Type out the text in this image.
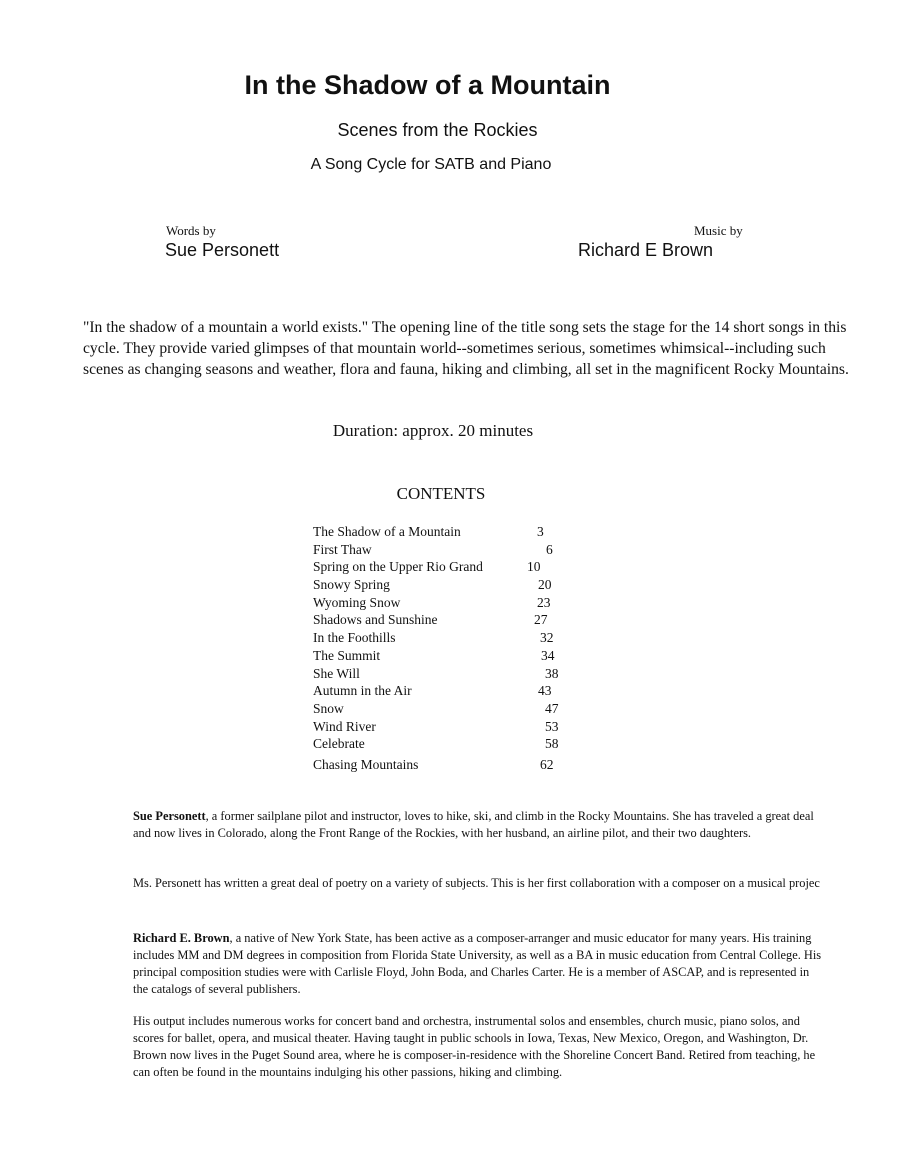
In the Shadow of a Mountain
Scenes from the Rockies
A Song Cycle for SATB and Piano
Words by
Sue Personett
Music by
Richard E Brown
"In the shadow of a mountain a world exists." The opening line of the title song sets the stage for the 14 short songs in this cycle. They provide varied glimpses of that mountain world--sometimes serious, sometimes whimsical--including such scenes as changing seasons and weather, flora and fauna, hiking and climbing, all set in the magnificent Rocky Mountains.
Duration: approx. 20 minutes
CONTENTS
The Shadow of a Mountain	3
First Thaw	6
Spring on the Upper Rio Grand	10
Snowy Spring	20
Wyoming Snow	23
Shadows and Sunshine	27
In the Foothills	32
The Summit	34
She Will	38
Autumn in the Air	43
Snow	47
Wind River	53
Celebrate	58
Chasing Mountains	62
Sue Personett, a former sailplane pilot and instructor, loves to hike, ski, and climb in the Rocky Mountains. She has traveled a great deal and now lives in Colorado, along the Front Range of the Rockies, with her husband, an airline pilot, and their two daughters.
Ms. Personett has written a great deal of poetry on a variety of subjects. This is her first collaboration with a composer on a musical projec
Richard E. Brown, a native of New York State, has been active as a composer-arranger and music educator for many years. His training includes MM and DM degrees in composition from Florida State University, as well as a BA in music education from Central College. His principal composition studies were with Carlisle Floyd, John Boda, and Charles Carter. He is a member of ASCAP, and is represented in the catalogs of several publishers.
His output includes numerous works for concert band and orchestra, instrumental solos and ensembles, church music, piano solos, and scores for ballet, opera, and musical theater. Having taught in public schools in Iowa, Texas, New Mexico, Oregon, and Washington, Dr. Brown now lives in the Puget Sound area, where he is composer-in-residence with the Shoreline Concert Band. Retired from teaching, he can often be found in the mountains indulging his other passions, hiking and climbing.
